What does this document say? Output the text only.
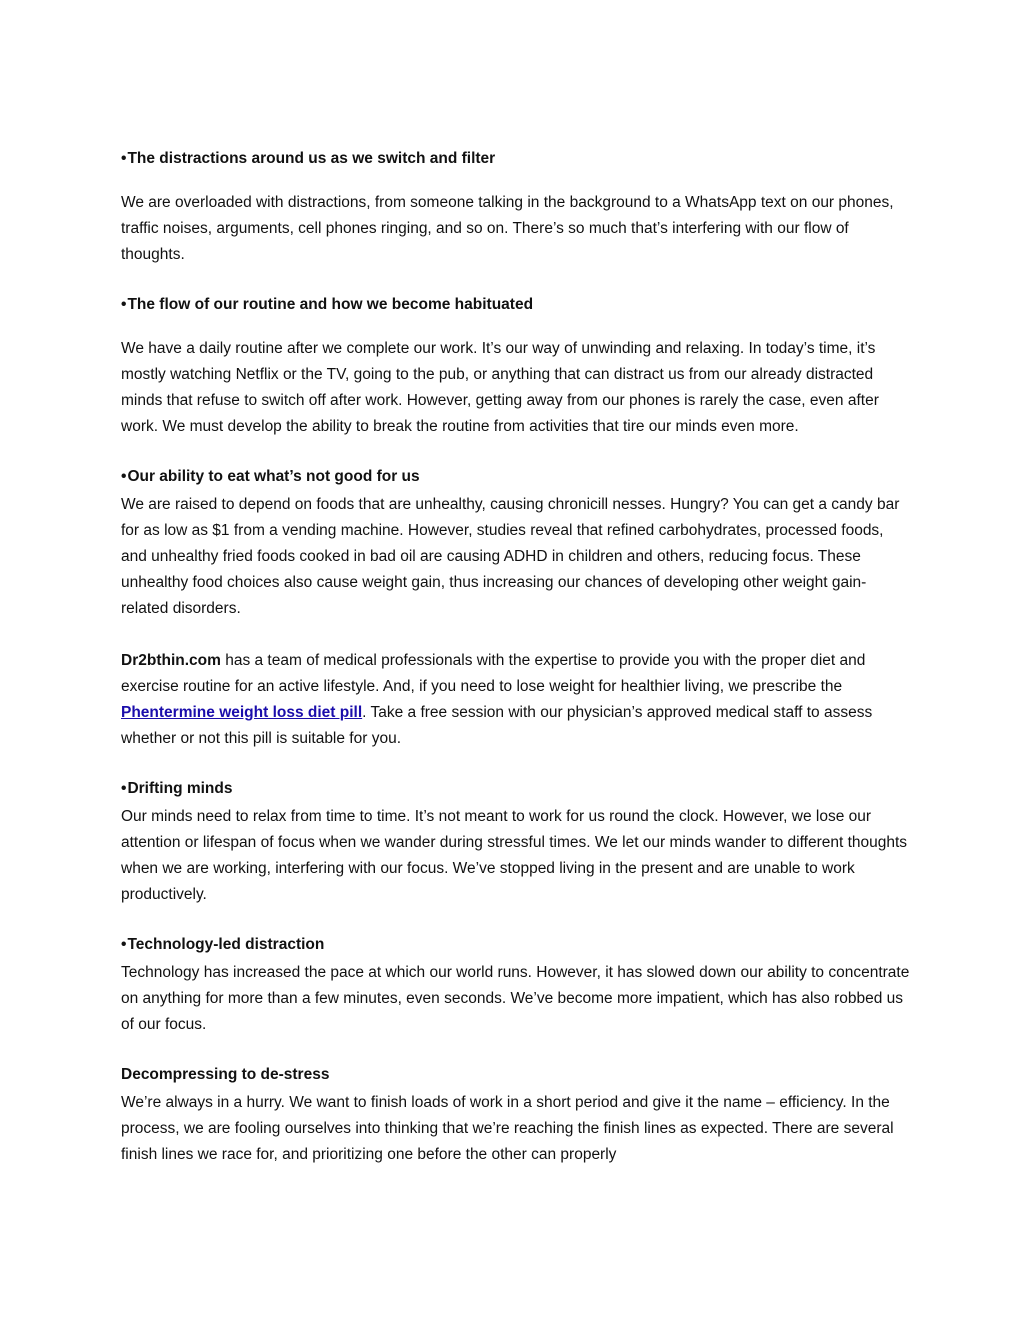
•The distractions around us as we switch and filter

We are overloaded with distractions, from someone talking in the background to a WhatsApp text on our phones, traffic noises, arguments, cell phones ringing, and so on. There’s so much that’s interfering with our flow of thoughts.

•The flow of our routine and how we become habituated

We have a daily routine after we complete our work. It’s our way of unwinding and relaxing. In today’s time, it’s mostly watching Netflix or the TV, going to the pub, or anything that can distract us from our already distracted minds that refuse to switch off after work. However, getting away from our phones is rarely the case, even after work. We must develop the ability to break the routine from activities that tire our minds even more.

•Our ability to eat what’s not good for us

We are raised to depend on foods that are unhealthy, causing chronicill nesses. Hungry? You can get a candy bar for as low as $1 from a vending machine. However, studies reveal that refined carbohydrates, processed foods, and unhealthy fried foods cooked in bad oil are causing ADHD in children and others, reducing focus. These unhealthy food choices also cause weight gain, thus increasing our chances of developing other weight gain-related disorders.

Dr2bthin.com has a team of medical professionals with the expertise to provide you with the proper diet and exercise routine for an active lifestyle. And, if you need to lose weight for healthier living, we prescribe the Phentermine weight loss diet pill. Take a free session with our physician’s approved medical staff to assess whether or not this pill is suitable for you.

•Drifting minds

Our minds need to relax from time to time. It’s not meant to work for us round the clock. However, we lose our attention or lifespan of focus when we wander during stressful times. We let our minds wander to different thoughts when we are working, interfering with our focus. We’ve stopped living in the present and are unable to work productively.

•Technology-led distraction

Technology has increased the pace at which our world runs. However, it has slowed down our ability to concentrate on anything for more than a few minutes, even seconds. We’ve become more impatient, which has also robbed us of our focus.

Decompressing to de-stress

We’re always in a hurry. We want to finish loads of work in a short period and give it the name – efficiency. In the process, we are fooling ourselves into thinking that we’re reaching the finish lines as expected. There are several finish lines we race for, and prioritizing one before the other can properly
